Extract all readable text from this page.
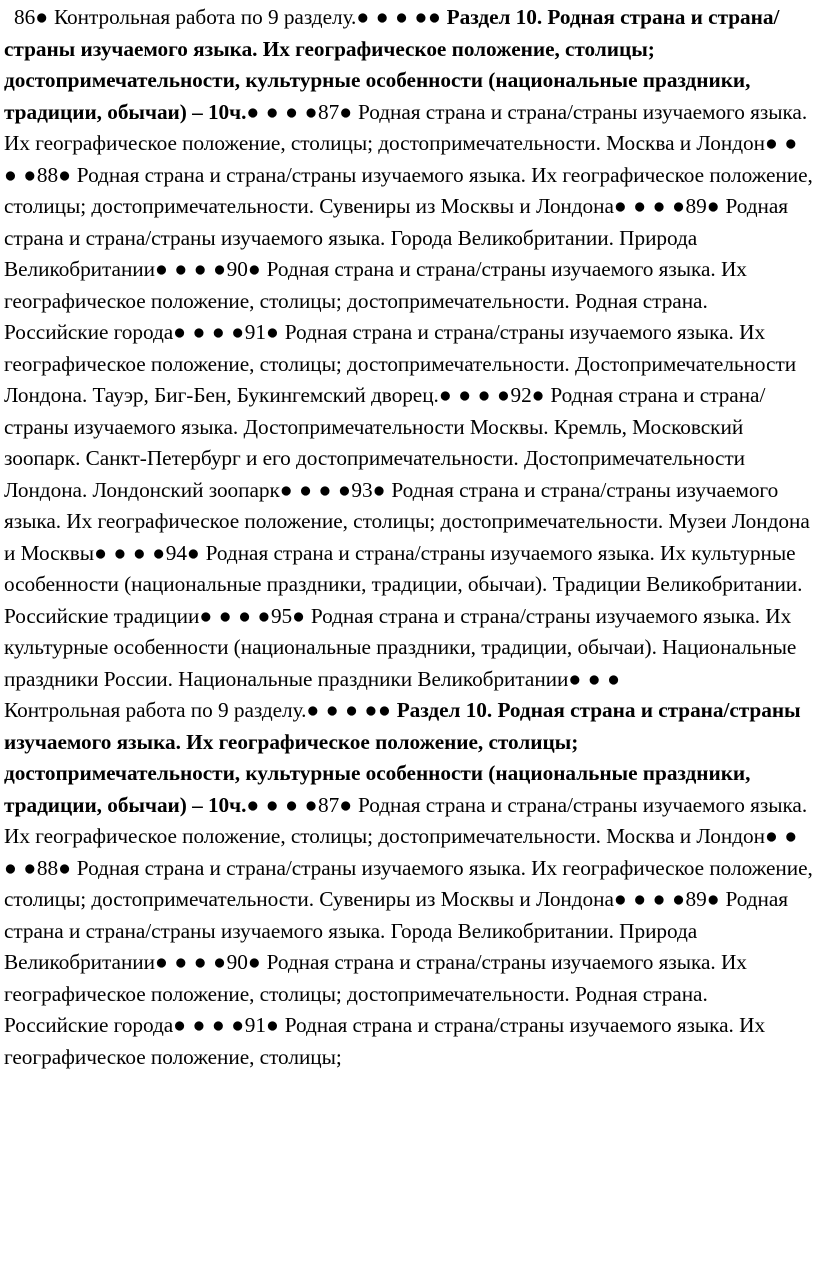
86● Контрольная работа по 9 разделу.● ● ● ●● Раздел 10. Родная страна и страна/страны изучаемого языка. Их географическое положение, столицы; достопримечательности, культурные особенности (национальные праздники, традиции, обычаи) – 10ч.● ● ● ●87● Родная страна и страна/страны изучаемого языка. Их географическое положение, столицы; достопримечательности. Москва и Лондон● ● ● ●88● Родная страна и страна/страны изучаемого языка. Их географическое положение, столицы; достопримечательности. Сувениры из Москвы и Лондона● ● ● ●89● Родная страна и страна/страны изучаемого языка. Города Великобритании. Природа Великобритании● ● ● ●90● Родная страна и страна/страны изучаемого языка. Их географическое положение, столицы; достопримечательности. Родная страна. Российские города● ● ● ●91● Родная страна и страна/страны изучаемого языка. Их географическое положение, столицы; достопримечательности. Достопримечательности Лондона. Тауэр, Биг-Бен, Букингемский дворец.● ● ● ●92● Родная страна и страна/страны изучаемого языка. Достопримечательности Москвы. Кремль, Московский зоопарк. Санкт-Петербург и его достопримечательности. Достопримечательности Лондона. Лондонский зоопарк● ● ● ●93● Родная страна и страна/страны изучаемого языка. Их географическое положение, столицы; достопримечательности. Музеи Лондона и Москвы● ● ● ●94● Родная страна и страна/страны изучаемого языка. Их культурные особенности (национальные праздники, традиции, обычаи). Традиции Великобритании. Российские традиции● ● ● ●95● Родная страна и страна/страны изучаемого языка. Их культурные особенности (национальные праздники, традиции, обычаи). Национальные праздники России. Национальные праздники Великобритании● ● ●
Контрольная работа по 9 разделу.● ● ● ●● Раздел 10. Родная страна и страна/страны изучаемого языка. Их географическое положение, столицы; достопримечательности, культурные особенности (национальные праздники, традиции, обычаи) – 10ч.● ● ● ●87● Родная страна и страна/страны изучаемого языка. Их географическое положение, столицы; достопримечательности. Москва и Лондон● ● ● ●88● Родная страна и страна/страны изучаемого языка. Их географическое положение, столицы; достопримечательности. Сувениры из Москвы и Лондона● ● ● ●89● Родная страна и страна/страны изучаемого языка. Города Великобритании. Природа Великобритании● ● ● ●90● Родная страна и страна/страны изучаемого языка. Их географическое положение, столицы; достопримечательности. Родная страна. Российские города● ● ● ●91● Родная страна и страна/страны изучаемого языка. Их географическое положение, столицы;
